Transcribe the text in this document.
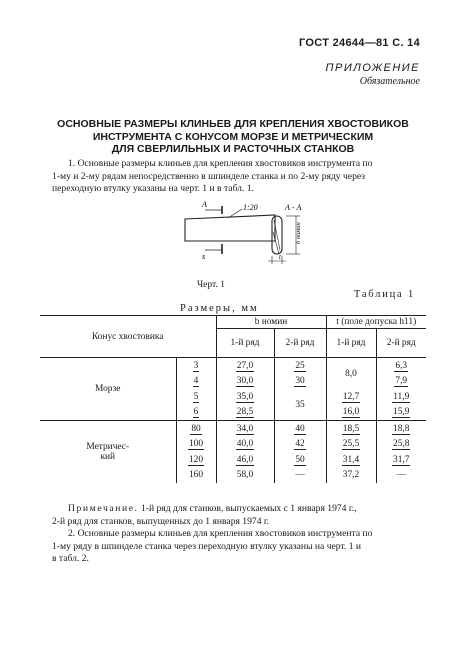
ГОСТ 24644—81 С. 14
ПРИЛОЖЕНИЕ
Обязательное
ОСНОВНЫЕ РАЗМЕРЫ КЛИНЬЕВ ДЛЯ КРЕПЛЕНИЯ ХВОСТОВИКОВ
ИНСТРУМЕНТА С КОНУСОМ МОРЗЕ И МЕТРИЧЕСКИМ
ДЛЯ СВЕРЛИЛЬНЫХ И РАСТОЧНЫХ СТАНКОВ
1. Основные размеры клиньев для крепления хвостовиков инструмента по
1-му и 2-му рядам непосредственно в шпинделе станка и по 2-му ряду через
переходную втулку указаны на черт. 1 и в табл. 1.
А
s
1:20	А - А
b номин
t
Черт. 1
Таблица 1
Размеры, мм
Конус хвостовика		b номин		t (поле допуска h11)	
		1-й ряд	2-й ряд	1-й ряд	2-й ряд
Морзе	3	27,0	25	8,0	6,3
	4	30,0	30		7,9
	5	35,0	35	12,7	11,9
	6	28,5		16,0	15,9

Метричес-
кий	80	34,0	40	18,5	18,8
	100	40,0	42	25,5	25,8
	120	46,0	50	31,4	31,7
	160	58,0	—	37,2	—
Примечание. 1-й ряд для станков, выпускаемых с 1 января 1974 г.,
2-й ряд для станков, выпущенных до 1 января 1974 г.
2. Основные размеры клиньев для крепления хвостовиков инструмента по
1-му ряду в шпинделе станка через переходную втулку указаны на черт. 1 и
в табл. 2.
